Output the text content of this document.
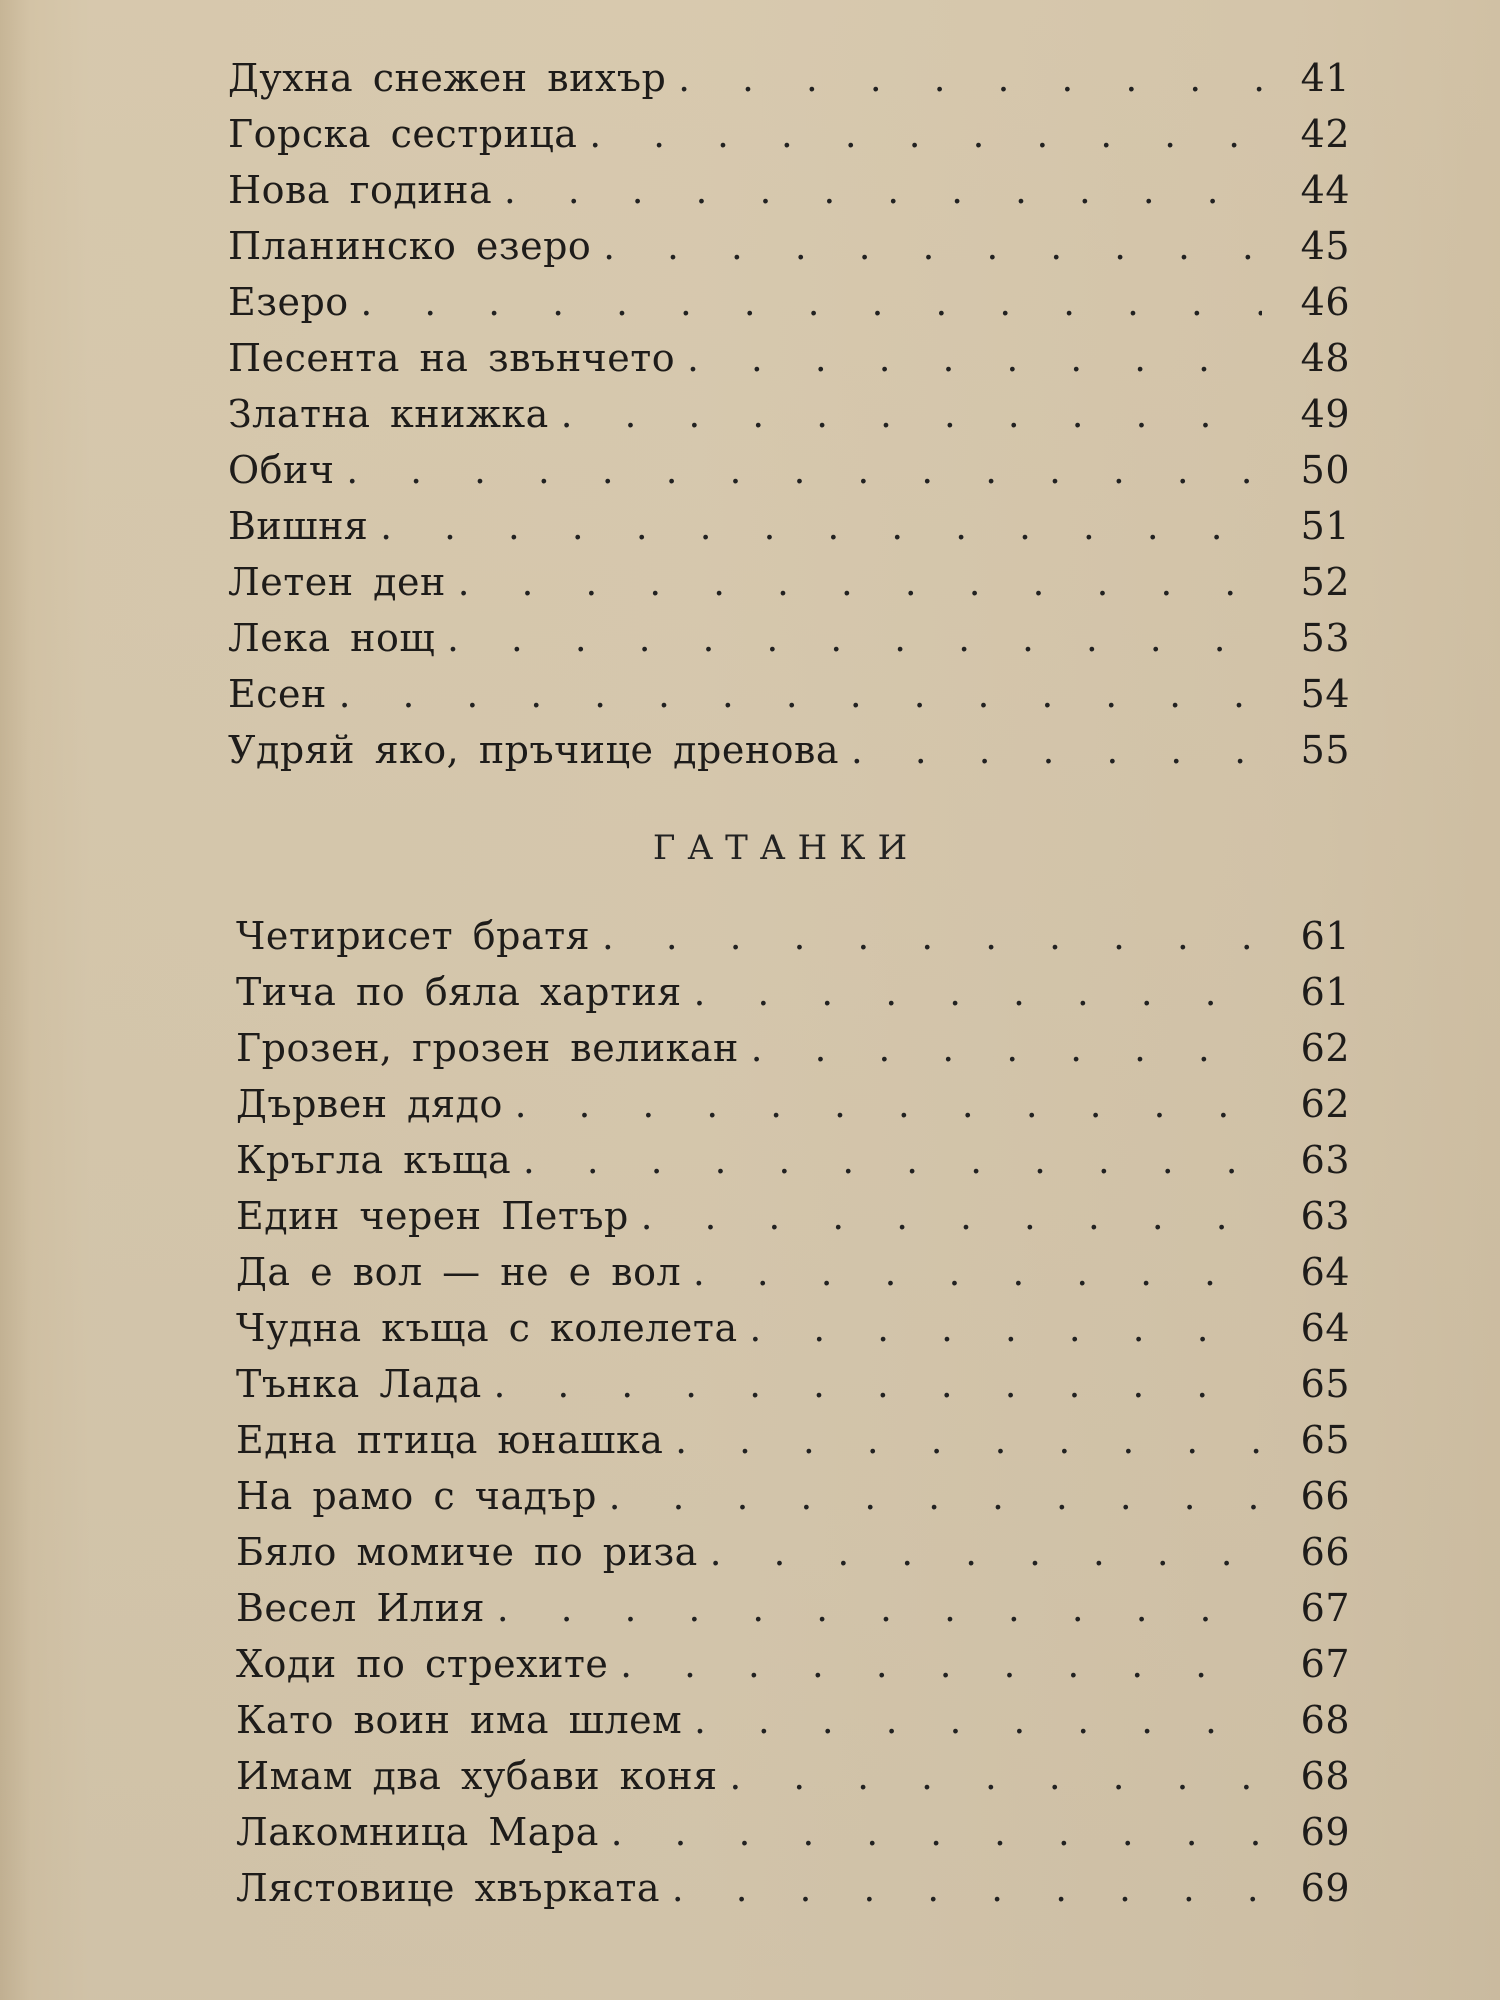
Духна снежен вихър . . .	41
Горска сестрица . . .	42
Нова година . . .	44
Планинско езеро . . .	45
Езеро . . .	46
Песента на звънчето . . .	48
Златна книжка . . .	49
Обич . . .	50
Вишня . . .	51
Летен ден . . .	52
Лека нощ . . .	53
Есен . . .	54
Удряй яко, пръчице дренова . . .	55
ГАТАНКИ
Четирисет братя . . .	61
Тича по бяла хартия . . .	61
Грозен, грозен великан . . .	62
Дървен дядо . . .	62
Кръгла къща . . .	63
Един черен Петър . . .	63
Да е вол — не е вол . . .	64
Чудна къща с колелета . . .	64
Тънка Лада . . .	65
Една птица юнашка . . .	65
На рамо с чадър . . .	66
Бяло момиче по риза . . .	66
Весел Илия . . .	67
Ходи по стрехите . . .	67
Като воин има шлем . . .	68
Имам два хубави коня . . .	68
Лакомница Мара . . .	69
Лястовице хвърката . . .	69
